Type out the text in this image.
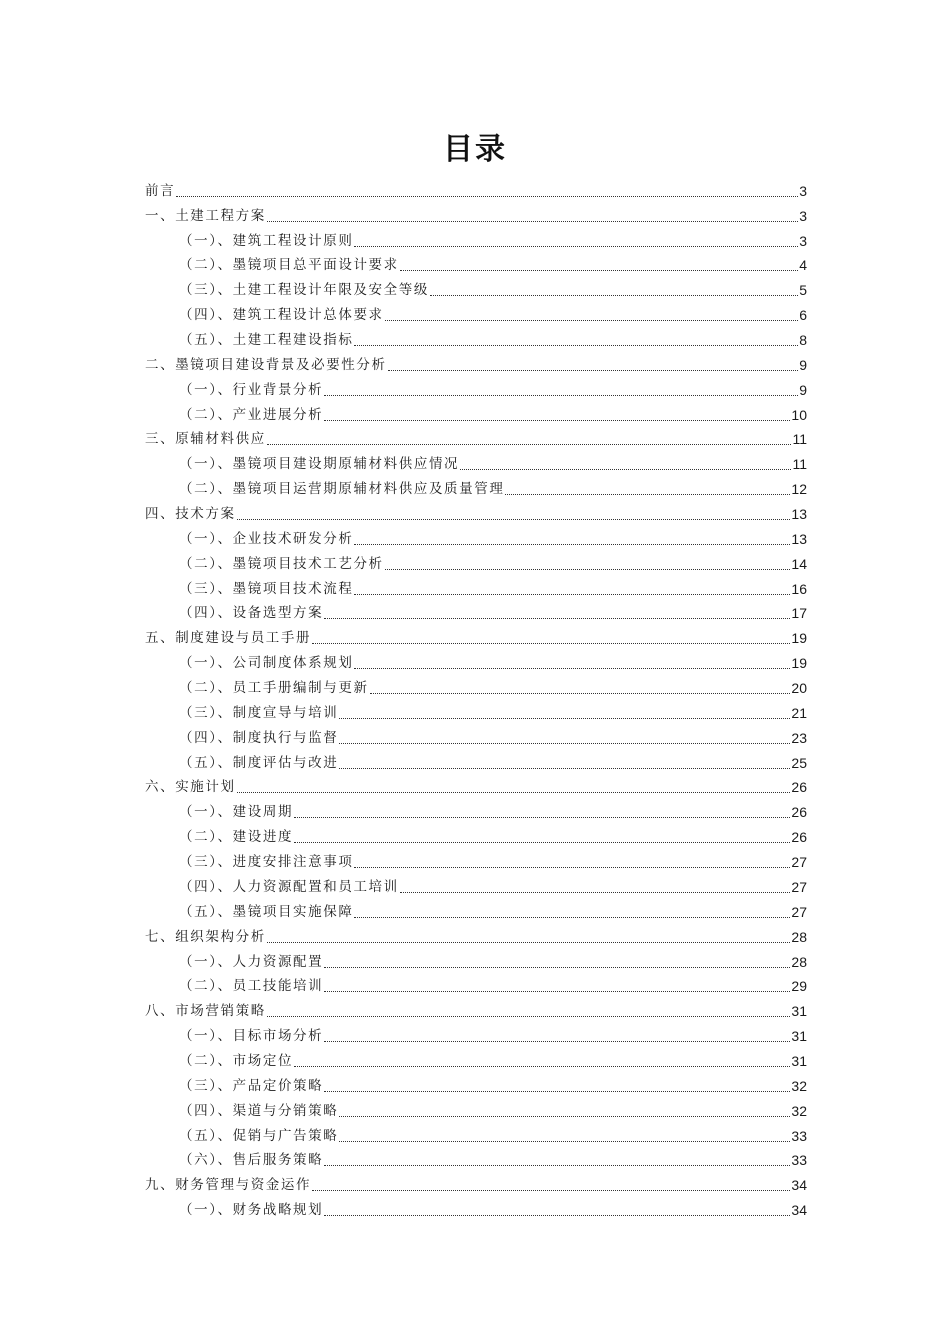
目录
前言	3
一、土建工程方案	3
（一）、建筑工程设计原则	3
（二）、墨镜项目总平面设计要求	4
（三）、土建工程设计年限及安全等级	5
（四）、建筑工程设计总体要求	6
（五）、土建工程建设指标	8
二、墨镜项目建设背景及必要性分析	9
（一）、行业背景分析	9
（二）、产业进展分析	10
三、原辅材料供应	11
（一）、墨镜项目建设期原辅材料供应情况	11
（二）、墨镜项目运营期原辅材料供应及质量管理	12
四、技术方案	13
（一）、企业技术研发分析	13
（二）、墨镜项目技术工艺分析	14
（三）、墨镜项目技术流程	16
（四）、设备选型方案	17
五、制度建设与员工手册	19
（一）、公司制度体系规划	19
（二）、员工手册编制与更新	20
（三）、制度宣导与培训	21
（四）、制度执行与监督	23
（五）、制度评估与改进	25
六、实施计划	26
（一）、建设周期	26
（二）、建设进度	26
（三）、进度安排注意事项	27
（四）、人力资源配置和员工培训	27
（五）、墨镜项目实施保障	27
七、组织架构分析	28
（一）、人力资源配置	28
（二）、员工技能培训	29
八、市场营销策略	31
（一）、目标市场分析	31
（二）、市场定位	31
（三）、产品定价策略	32
（四）、渠道与分销策略	32
（五）、促销与广告策略	33
（六）、售后服务策略	33
九、财务管理与资金运作	34
（一）、财务战略规划	34
